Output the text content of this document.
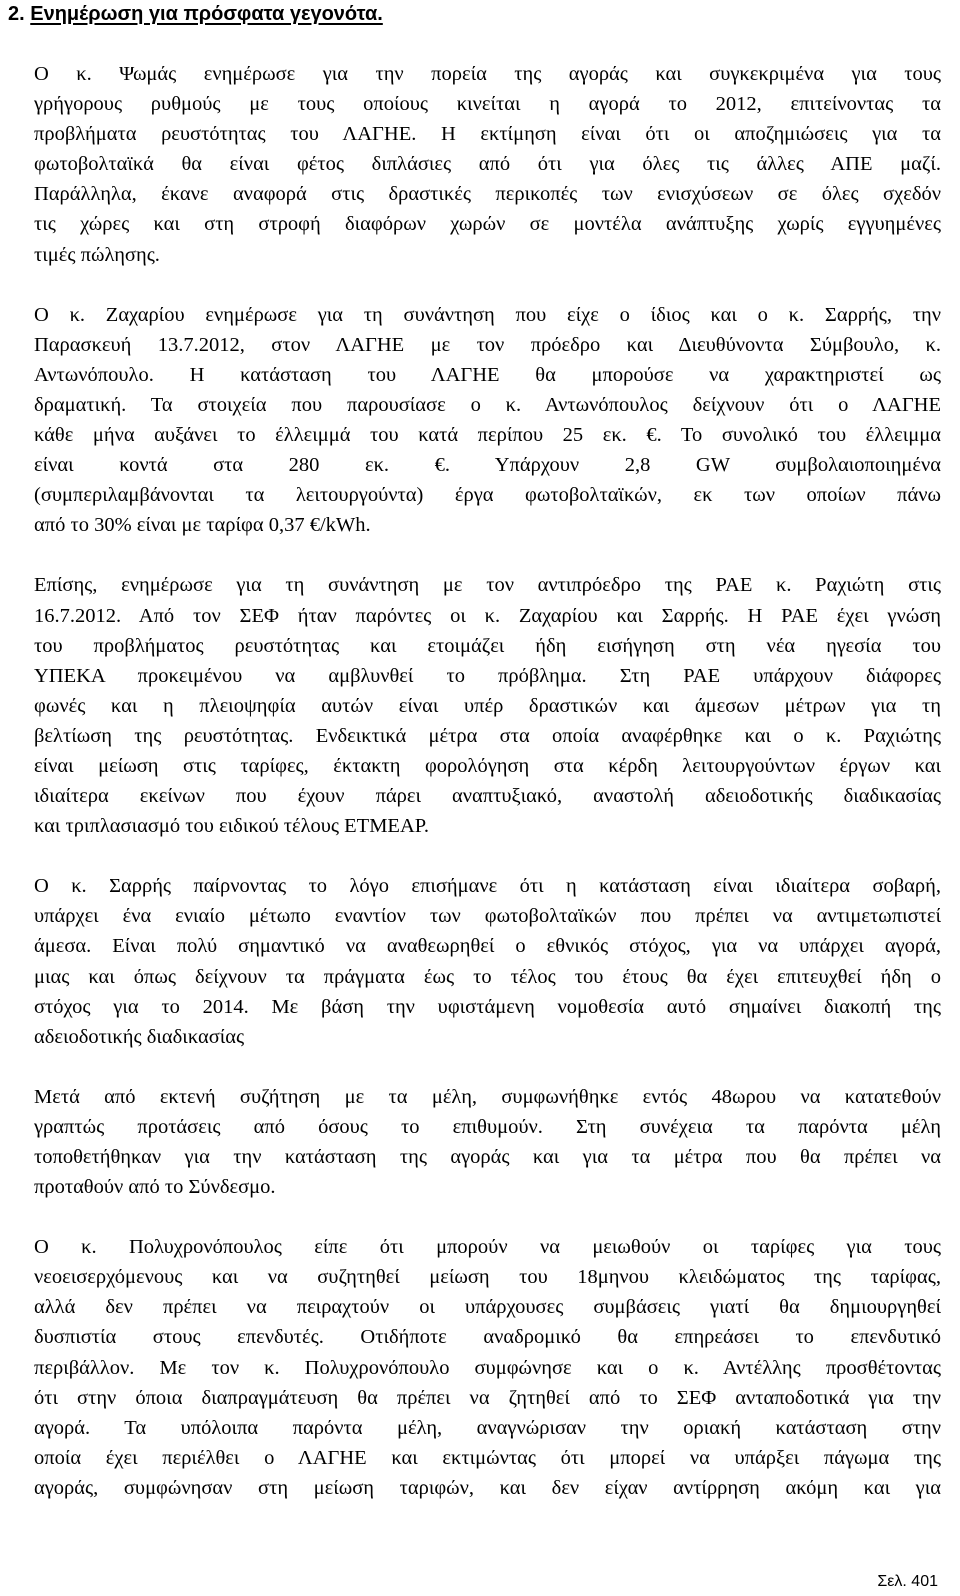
2. Ενημέρωση για πρόσφατα γεγονότα.
Ο κ. Ψωμάς ενημέρωσε για την πορεία της αγοράς και συγκεκριμένα για τους
γρήγορους ρυθμούς με τους οποίους κινείται η αγορά το 2012, επιτείνοντας τα
προβλήματα ρευστότητας του ΛΑΓΗΕ. Η εκτίμηση είναι ότι οι αποζημιώσεις για τα
φωτοβολταϊκά θα είναι φέτος διπλάσιες από ότι για όλες τις άλλες ΑΠΕ μαζί.
Παράλληλα, έκανε αναφορά στις δραστικές περικοπές των ενισχύσεων σε όλες σχεδόν
τις χώρες και στη στροφή διαφόρων χωρών σε μοντέλα ανάπτυξης χωρίς εγγυημένες
τιμές πώλησης.
Ο κ. Ζαχαρίου ενημέρωσε για τη συνάντηση που είχε ο ίδιος και ο κ. Σαρρής, την
Παρασκευή 13.7.2012, στον ΛΑΓΗΕ με τον πρόεδρο και Διευθύνοντα Σύμβουλο, κ.
Αντωνόπουλο. Η κατάσταση του ΛΑΓΗΕ θα μπορούσε να χαρακτηριστεί ως
δραματική. Τα στοιχεία που παρουσίασε ο κ. Αντωνόπουλος δείχνουν ότι ο ΛΑΓΗΕ
κάθε μήνα αυξάνει το έλλειμμά του κατά περίπου 25 εκ. €. Το συνολικό του έλλειμμα
είναι κοντά στα 280 εκ. €. Υπάρχουν 2,8 GW συμβολαιοποιημένα
(συμπεριλαμβάνονται τα λειτουργούντα) έργα φωτοβολταϊκών, εκ των οποίων πάνω
από το 30% είναι με ταρίφα 0,37 €/kWh.
Επίσης, ενημέρωσε για τη συνάντηση με τον αντιπρόεδρο της ΡΑΕ κ. Ραχιώτη στις
16.7.2012. Από τον ΣΕΦ ήταν παρόντες οι κ. Ζαχαρίου και Σαρρής. Η ΡΑΕ έχει γνώση
του προβλήματος ρευστότητας και ετοιμάζει ήδη εισήγηση στη νέα ηγεσία του
ΥΠΕΚΑ προκειμένου να αμβλυνθεί το πρόβλημα. Στη ΡΑΕ υπάρχουν διάφορες
φωνές και η πλειοψηφία αυτών είναι υπέρ δραστικών και άμεσων μέτρων για τη
βελτίωση της ρευστότητας. Ενδεικτικά μέτρα στα οποία αναφέρθηκε και ο κ. Ραχιώτης
είναι μείωση στις ταρίφες, έκτακτη φορολόγηση στα κέρδη λειτουργούντων έργων και
ιδιαίτερα εκείνων που έχουν πάρει αναπτυξιακό, αναστολή αδειοδοτικής διαδικασίας
και τριπλασιασμό του ειδικού τέλους ΕΤΜΕΑΡ.
Ο κ. Σαρρής παίρνοντας το λόγο επισήμανε ότι η κατάσταση είναι ιδιαίτερα σοβαρή,
υπάρχει ένα ενιαίο μέτωπο εναντίον των φωτοβολταϊκών που πρέπει να αντιμετωπιστεί
άμεσα. Είναι πολύ σημαντικό να αναθεωρηθεί ο εθνικός στόχος, για να υπάρχει αγορά,
μιας και όπως δείχνουν τα πράγματα έως το τέλος του έτους θα έχει επιτευχθεί ήδη ο
στόχος για το 2014. Με βάση την υφιστάμενη νομοθεσία αυτό σημαίνει διακοπή της
αδειοδοτικής διαδικασίας
Μετά από εκτενή συζήτηση με τα μέλη, συμφωνήθηκε εντός 48ωρου να κατατεθούν
γραπτώς προτάσεις από όσους το επιθυμούν. Στη συνέχεια τα παρόντα μέλη
τοποθετήθηκαν για την κατάσταση της αγοράς και για τα μέτρα που θα πρέπει να
προταθούν από το Σύνδεσμο.
Ο κ. Πολυχρονόπουλος είπε ότι μπορούν να μειωθούν οι ταρίφες για τους
νεοεισερχόμενους και να συζητηθεί μείωση του 18μηνου κλειδώματος της ταρίφας,
αλλά δεν πρέπει να πειραχτούν οι υπάρχουσες συμβάσεις γιατί θα δημιουργηθεί
δυσπιστία στους επενδυτές. Οτιδήποτε αναδρομικό θα επηρεάσει το επενδυτικό
περιβάλλον. Με τον κ. Πολυχρονόπουλο συμφώνησε και ο κ. Αντέλλης προσθέτοντας
ότι στην όποια διαπραγμάτευση θα πρέπει να ζητηθεί από το ΣΕΦ ανταποδοτικά για την
αγορά. Τα υπόλοιπα παρόντα μέλη, αναγνώρισαν την οριακή κατάσταση στην
οποία έχει περιέλθει ο ΛΑΓΗΕ και εκτιμώντας ότι μπορεί να υπάρξει πάγωμα της
αγοράς, συμφώνησαν στη μείωση ταριφών, και δεν είχαν αντίρρηση ακόμη και για
Σελ. 401
